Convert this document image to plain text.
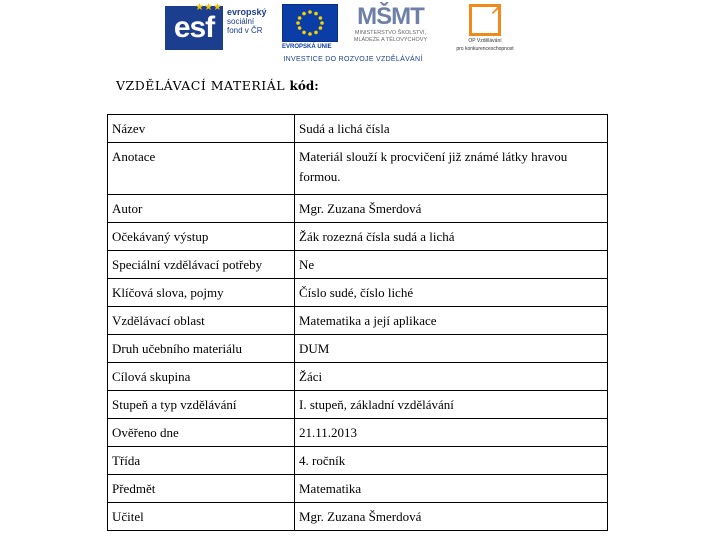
esf
★★★ evropský
sociální
fond v ČR
EVROPSKÁ UNIE
MŠMT
MINISTERSTVO ŠKOLSTVÍ,
MLÁDEŽE A TĚLOVÝCHOVY
↗
OP Vzdělávání
pro konkurenceschopnost
INVESTICE DO ROZVOJE VZDĚLÁVÁNÍ
VZDĚLÁVACÍ MATERIÁL kód:
Název	Sudá a lichá čísla
Anotace	Materiál slouží k procvičení již známé látky hravou formou.
Autor	Mgr. Zuzana Šmerdová
Očekávaný výstup	Žák rozezná čísla sudá a lichá
Speciální vzdělávací potřeby	Ne
Klíčová slova, pojmy	Číslo sudé, číslo liché
Vzdělávací oblast	Matematika a její aplikace
Druh učebního materiálu	DUM
Cílová skupina	Žáci
Stupeň a typ vzdělávání	I. stupeň, základní vzdělávání
Ověřeno dne	21.11.2013
Třída	4. ročník
Předmět	Matematika
Učitel	Mgr. Zuzana Šmerdová
